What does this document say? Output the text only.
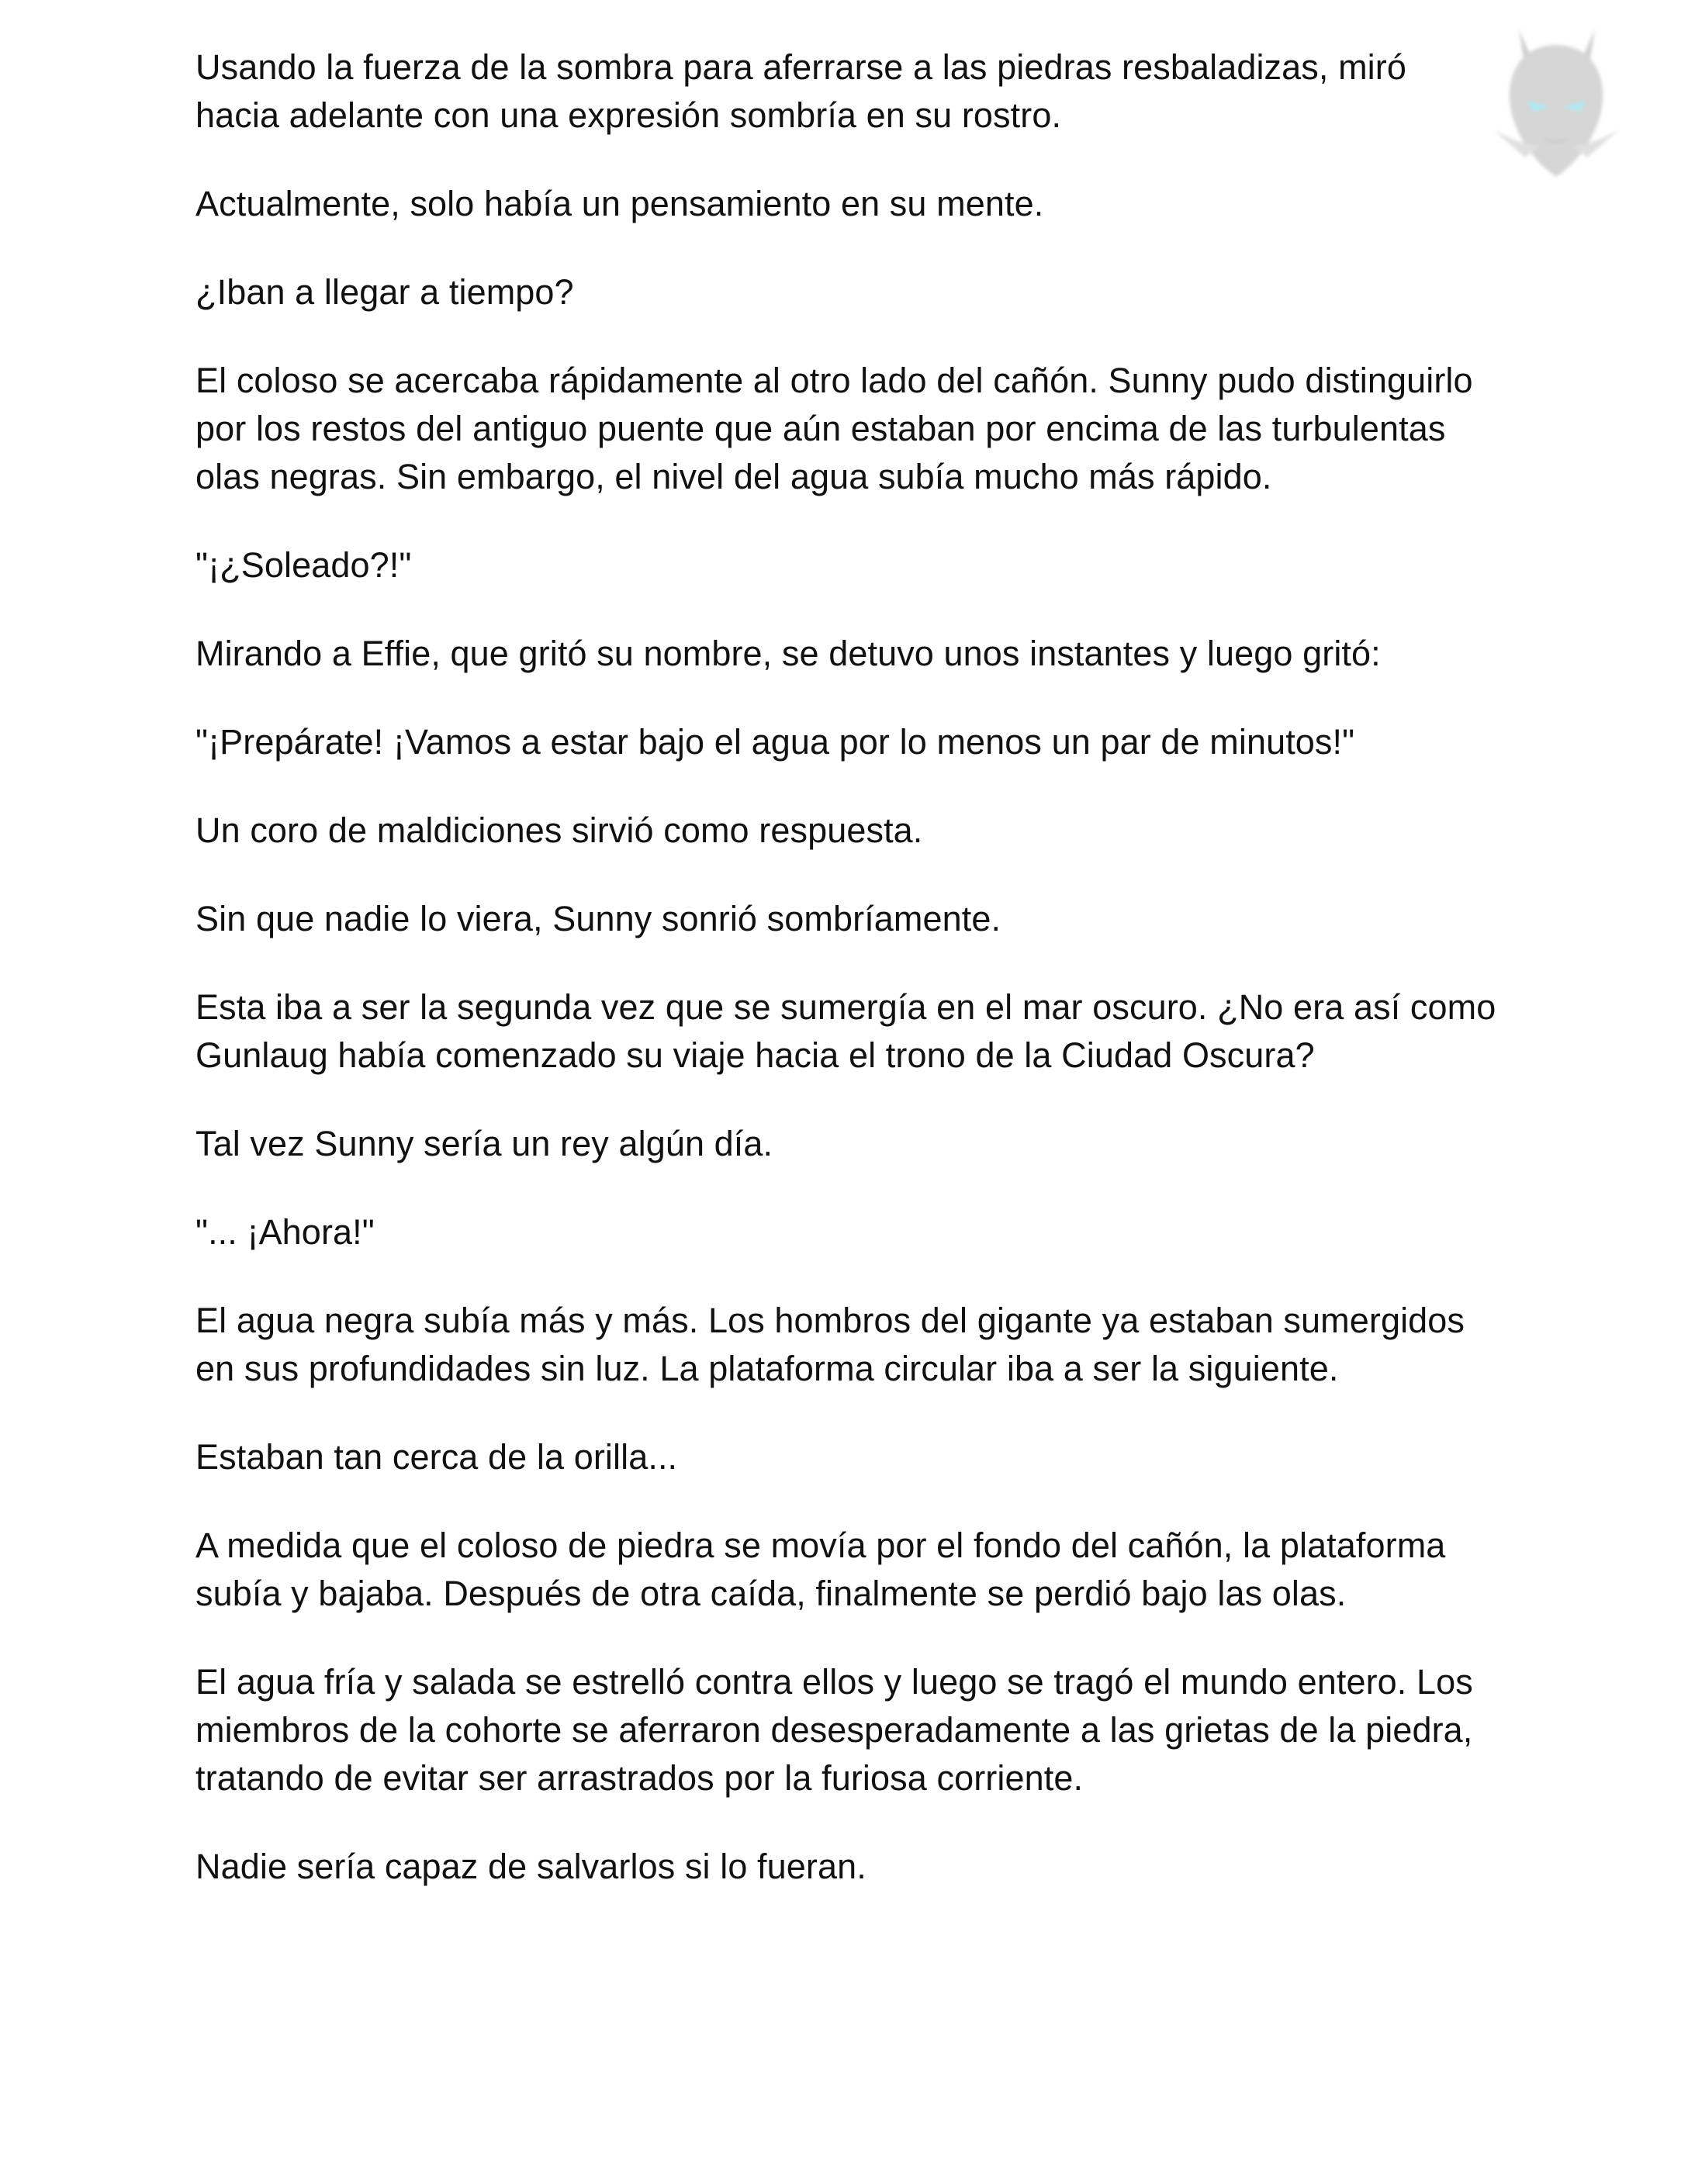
Usando la fuerza de la sombra para aferrarse a las piedras resbaladizas, miró hacia adelante con una expresión sombría en su rostro.

Actualmente, solo había un pensamiento en su mente.

¿Iban a llegar a tiempo?

El coloso se acercaba rápidamente al otro lado del cañón. Sunny pudo distinguirlo por los restos del antiguo puente que aún estaban por encima de las turbulentas olas negras. Sin embargo, el nivel del agua subía mucho más rápido.

"¡¿Soleado?!"

Mirando a Effie, que gritó su nombre, se detuvo unos instantes y luego gritó:

"¡Prepárate! ¡Vamos a estar bajo el agua por lo menos un par de minutos!"

Un coro de maldiciones sirvió como respuesta.

Sin que nadie lo viera, Sunny sonrió sombríamente.

Esta iba a ser la segunda vez que se sumergía en el mar oscuro. ¿No era así como Gunlaug había comenzado su viaje hacia el trono de la Ciudad Oscura?

Tal vez Sunny sería un rey algún día.

"... ¡Ahora!"

El agua negra subía más y más. Los hombros del gigante ya estaban sumergidos en sus profundidades sin luz. La plataforma circular iba a ser la siguiente.

Estaban tan cerca de la orilla...

A medida que el coloso de piedra se movía por el fondo del cañón, la plataforma subía y bajaba. Después de otra caída, finalmente se perdió bajo las olas.

El agua fría y salada se estrelló contra ellos y luego se tragó el mundo entero. Los miembros de la cohorte se aferraron desesperadamente a las grietas de la piedra, tratando de evitar ser arrastrados por la furiosa corriente.

Nadie sería capaz de salvarlos si lo fueran.
